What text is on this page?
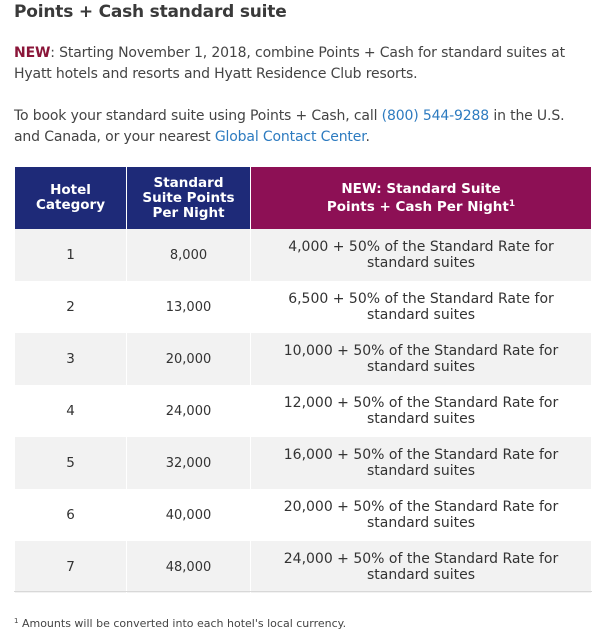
Points + Cash standard suite

NEW: Starting November 1, 2018, combine Points + Cash for standard suites at Hyatt hotels and resorts and Hyatt Residence Club resorts.

To book your standard suite using Points + Cash, call (800) 544-9288 in the U.S. and Canada, or your nearest Global Contact Center.

Hotel Category	Standard Suite Points Per Night	NEW: Standard Suite
Points + Cash Per Night$^1$
1	8,000	4,000 + 50% of the Standard Rate for standard suites
2	13,000	6,500 + 50% of the Standard Rate for standard suites
3	20,000	10,000 + 50% of the Standard Rate for standard suites
4	24,000	12,000 + 50% of the Standard Rate for standard suites
5	32,000	16,000 + 50% of the Standard Rate for standard suites
6	40,000	20,000 + 50% of the Standard Rate for standard suites
7	48,000	24,000 + 50% of the Standard Rate for standard suites
$^1$ Amounts will be converted into each hotel's local currency.
